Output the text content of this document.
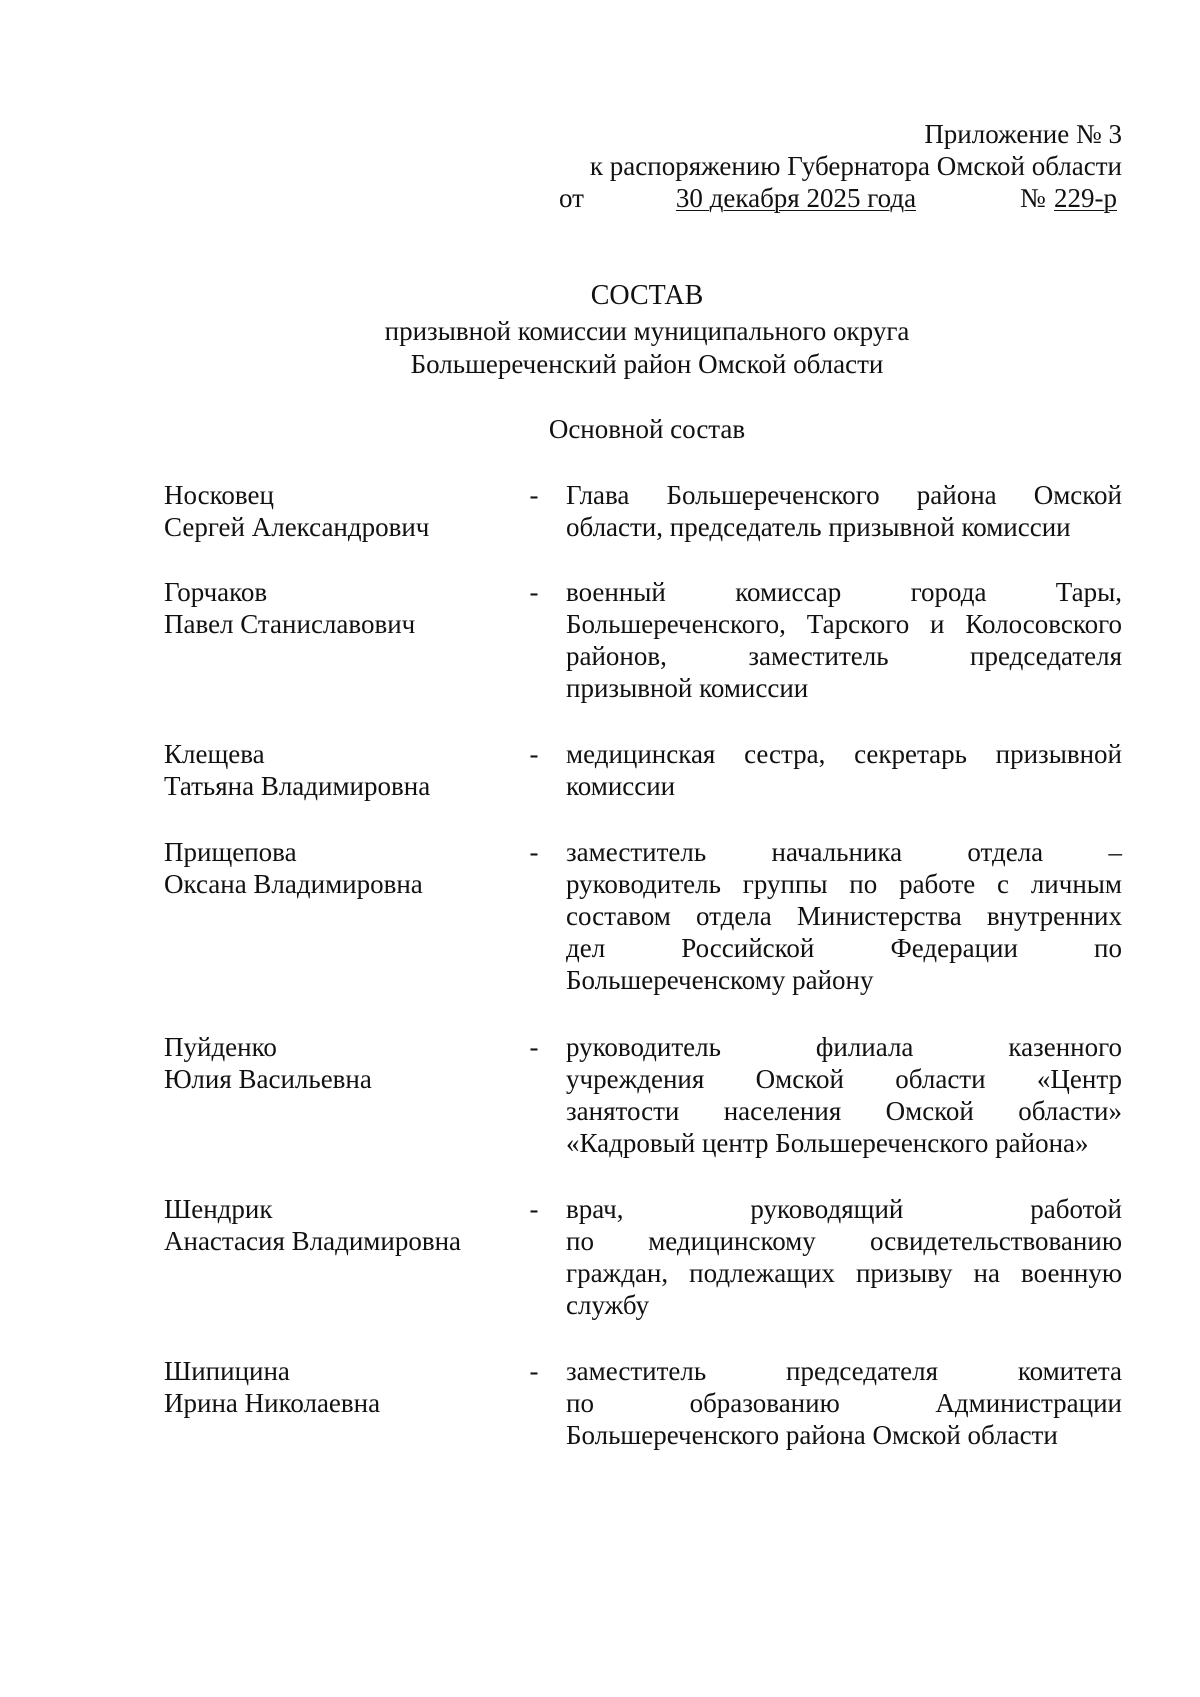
Приложение № 3
к распоряжению Губернатора Омской области
от	30 декабря 2025 года	№ 229-р
СОСТАВ
призывной комиссии муниципального округа
Большереченский район Омской области
Основной состав
Носковец
Сергей Александрович
- Глава Большереченского района Омской
области, председатель призывной комиссии
Горчаков
Павел Станиславович
- военный комиссар города Тары,
Большереченского, Тарского и Колосовского
районов, заместитель председателя
призывной комиссии
Клещева
Татьяна Владимировна
- медицинская сестра, секретарь призывной
комиссии
Прищепова
Оксана Владимировна
- заместитель начальника отдела –
руководитель группы по работе с личным
составом отдела Министерства внутренних
дел Российской Федерации по
Большереченскому району
Пуйденко
Юлия Васильевна
- руководитель филиала казенного
учреждения Омской области «Центр
занятости населения Омской области»
«Кадровый центр Большереченского района»
Шендрик
Анастасия Владимировна
- врач, руководящий работой
по медицинскому освидетельствованию
граждан, подлежащих призыву на военную
службу
Шипицина
Ирина Николаевна
- заместитель председателя комитета
по образованию Администрации
Большереченского района Омской области
